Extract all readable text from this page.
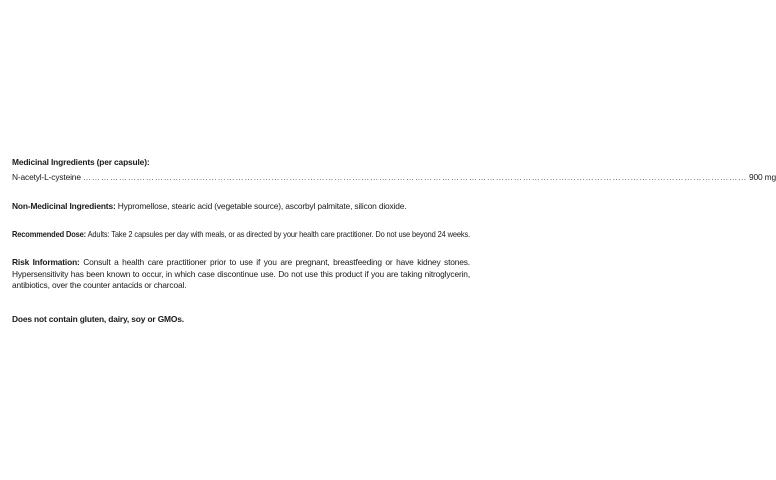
Medicinal Ingredients (per capsule):
N-acetyl-L-cysteine …………………………………………………………………………………………………………………………………………………………………………………………………… 900 mg
Non-Medicinal Ingredients: Hypromellose, stearic acid (vegetable source), ascorbyl palmitate, silicon dioxide.
Recommended Dose: Adults: Take 2 capsules per day with meals, or as directed by your health care practitioner. Do not use beyond 24 weeks.
Risk Information: Consult a health care practitioner prior to use if you are pregnant, breastfeeding or have kidney stones. Hypersensitivity has been known to occur, in which case discontinue use. Do not use this product if you are taking nitroglycerin, antibiotics, over the counter antacids or charcoal.
Does not contain gluten, dairy, soy or GMOs.
